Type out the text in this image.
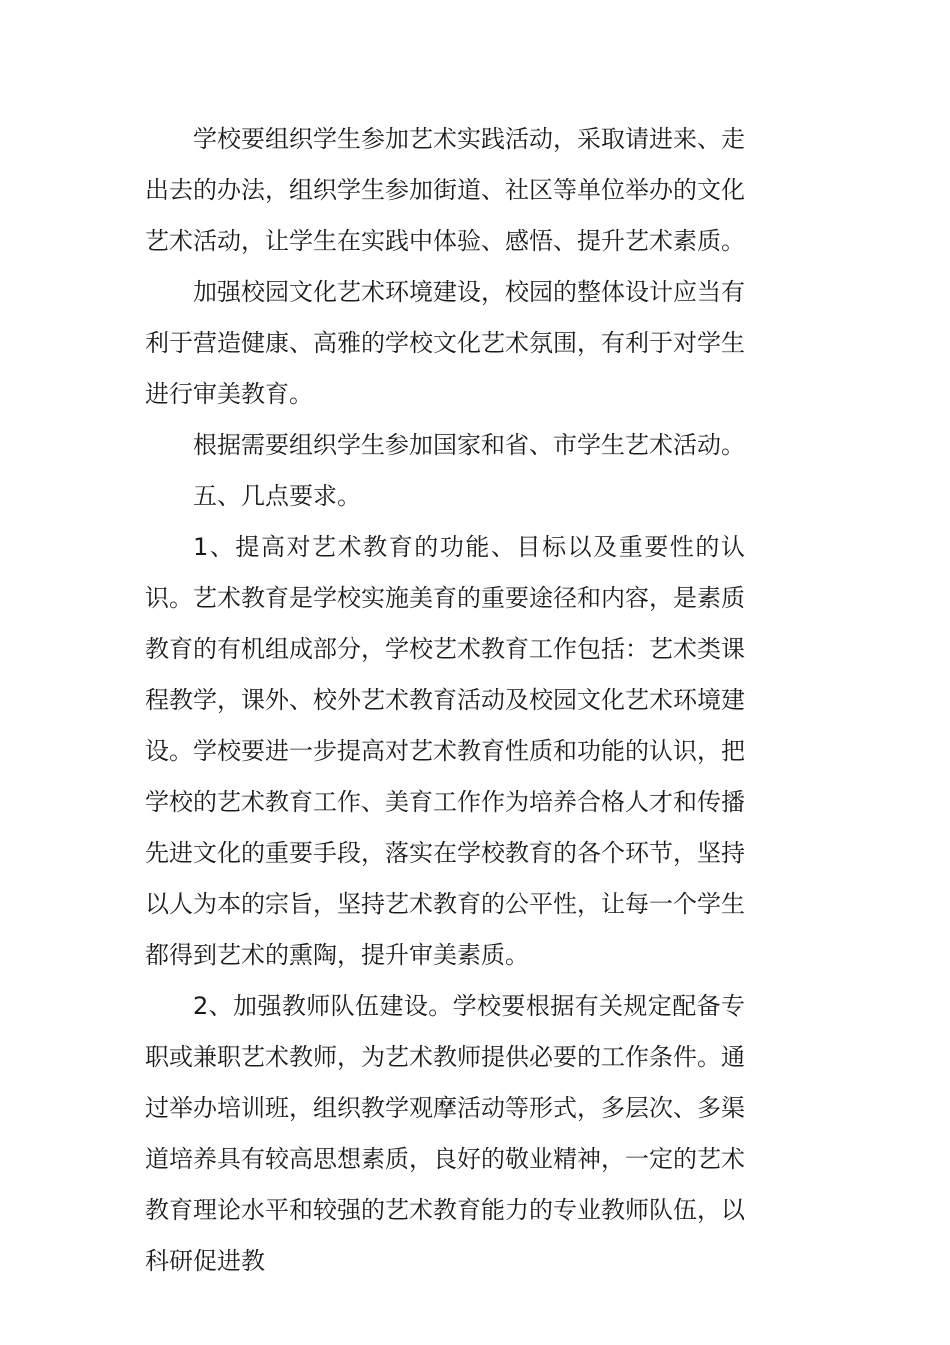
学校要组织学生参加艺术实践活动，采取请进来、走出去的办法，组织学生参加街道、社区等单位举办的文化艺术活动，让学生在实践中体验、感悟、提升艺术素质。

加强校园文化艺术环境建设，校园的整体设计应当有利于营造健康、高雅的学校文化艺术氛围，有利于对学生进行审美教育。

根据需要组织学生参加国家和省、市学生艺术活动。

五、几点要求。

1、提高对艺术教育的功能、目标以及重要性的认识。艺术教育是学校实施美育的重要途径和内容，是素质教育的有机组成部分，学校艺术教育工作包括：艺术类课程教学，课外、校外艺术教育活动及校园文化艺术环境建设。学校要进一步提高对艺术教育性质和功能的认识，把学校的艺术教育工作、美育工作作为培养合格人才和传播先进文化的重要手段，落实在学校教育的各个环节，坚持以人为本的宗旨，坚持艺术教育的公平性，让每一个学生都得到艺术的熏陶，提升审美素质。

2、加强教师队伍建设。学校要根据有关规定配备专职或兼职艺术教师，为艺术教师提供必要的工作条件。通过举办培训班，组织教学观摩活动等形式，多层次、多渠道培养具有较高思想素质，良好的敬业精神，一定的艺术教育理论水平和较强的艺术教育能力的专业教师队伍，以科研促进教
